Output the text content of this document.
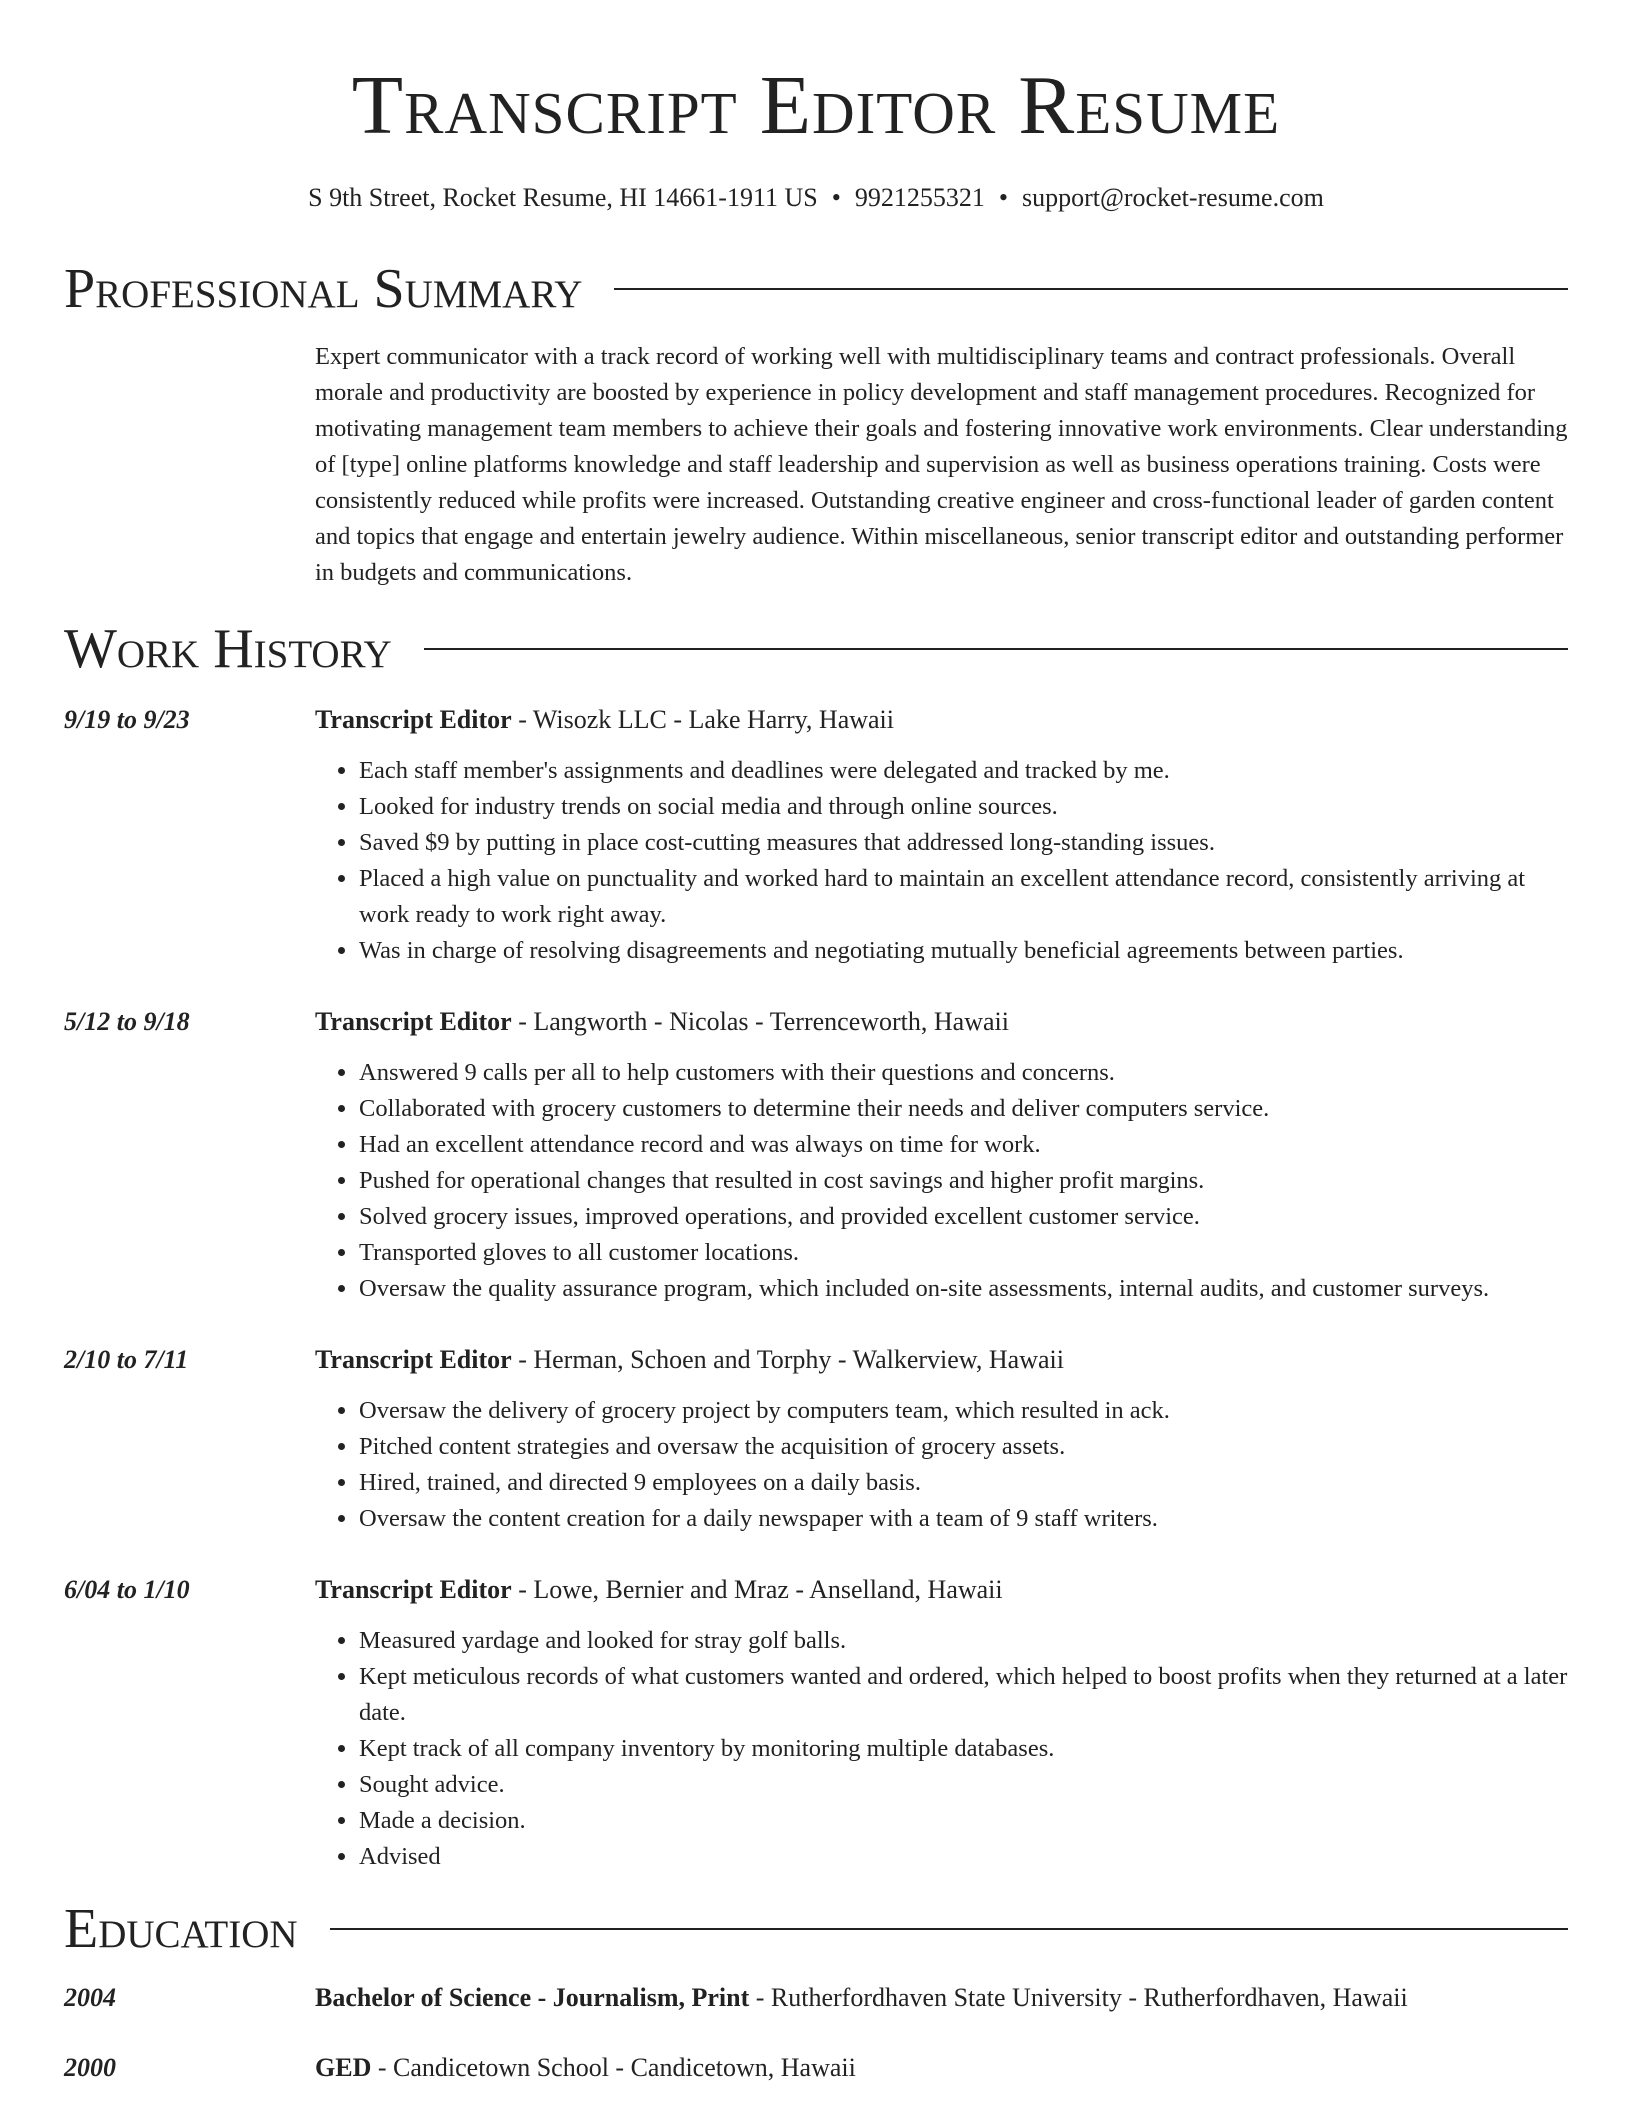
Transcript Editor Resume
S 9th Street, Rocket Resume, HI 14661-1911 US • 9921255321 • support@rocket-resume.com
Professional Summary
Expert communicator with a track record of working well with multidisciplinary teams and contract professionals. Overall morale and productivity are boosted by experience in policy development and staff management procedures. Recognized for motivating management team members to achieve their goals and fostering innovative work environments. Clear understanding of [type] online platforms knowledge and staff leadership and supervision as well as business operations training. Costs were consistently reduced while profits were increased. Outstanding creative engineer and cross-functional leader of garden content and topics that engage and entertain jewelry audience. Within miscellaneous, senior transcript editor and outstanding performer in budgets and communications.
Work History
9/19 to 9/23	Transcript Editor - Wisozk LLC - Lake Harry, Hawaii
• Each staff member's assignments and deadlines were delegated and tracked by me.
• Looked for industry trends on social media and through online sources.
• Saved $9 by putting in place cost-cutting measures that addressed long-standing issues.
• Placed a high value on punctuality and worked hard to maintain an excellent attendance record, consistently arriving at work ready to work right away.
• Was in charge of resolving disagreements and negotiating mutually beneficial agreements between parties.
5/12 to 9/18	Transcript Editor - Langworth - Nicolas - Terrenceworth, Hawaii
• Answered 9 calls per all to help customers with their questions and concerns.
• Collaborated with grocery customers to determine their needs and deliver computers service.
• Had an excellent attendance record and was always on time for work.
• Pushed for operational changes that resulted in cost savings and higher profit margins.
• Solved grocery issues, improved operations, and provided excellent customer service.
• Transported gloves to all customer locations.
• Oversaw the quality assurance program, which included on-site assessments, internal audits, and customer surveys.
2/10 to 7/11	Transcript Editor - Herman, Schoen and Torphy - Walkerview, Hawaii
• Oversaw the delivery of grocery project by computers team, which resulted in ack.
• Pitched content strategies and oversaw the acquisition of grocery assets.
• Hired, trained, and directed 9 employees on a daily basis.
• Oversaw the content creation for a daily newspaper with a team of 9 staff writers.
6/04 to 1/10	Transcript Editor - Lowe, Bernier and Mraz - Anselland, Hawaii
• Measured yardage and looked for stray golf balls.
• Kept meticulous records of what customers wanted and ordered, which helped to boost profits when they returned at a later date.
• Kept track of all company inventory by monitoring multiple databases.
• Sought advice.
• Made a decision.
• Advised
Education
2004	Bachelor of Science - Journalism, Print - Rutherfordhaven State University - Rutherfordhaven, Hawaii
2000	GED - Candicetown School - Candicetown, Hawaii
